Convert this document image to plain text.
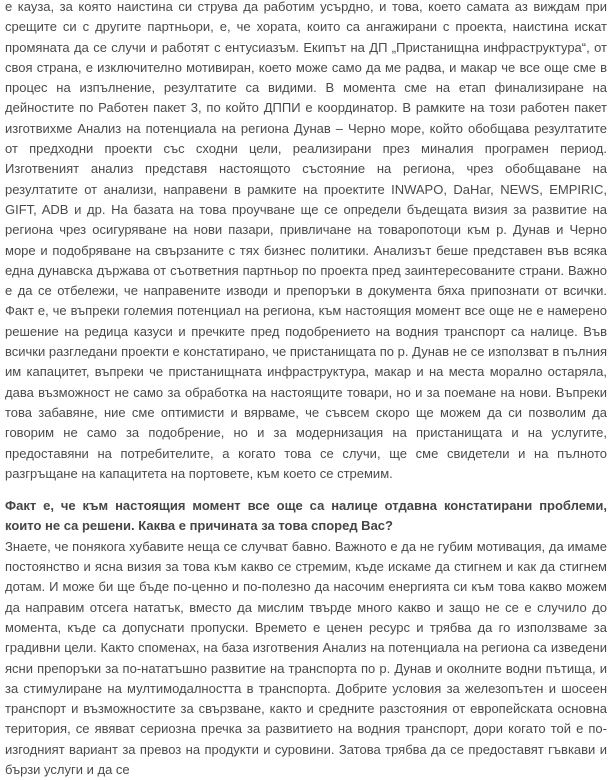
е кауза, за която наистина си струва да работим усърдно, и това, което самата аз виждам при срещите си с другите партньори, е, че хората, които са ангажирани с проекта, наистина искат промяната да се случи и работят с ентусиазъм. Екипът на ДП „Пристанищна инфраструктура“, от своя страна, е изключително мотивиран, което може само да ме радва, и макар че все още сме в процес на изпълнение, резултатите са видими. В момента сме на етап финализиране на дейностите по Работен пакет 3, по който ДППИ е координатор. В рамките на този работен пакет изготвихме Анализ на потенциала на региона Дунав – Черно море, който обобщава резултатите от предходни проекти със сходни цели, реализирани през миналия програмен период. Изготвеният анализ представя настоящото състояние на региона, чрез обобщаване на резултатите от анализи, направени в рамките на проектите INWAPO, DaHar, NEWS, EMPIRIC, GIFT, ADB и др. На базата на това проучване ще се определи бъдещата визия за развитие на региона чрез осигуряване на нови пазари, привличане на товаропотоци към р. Дунав и Черно море и подобряване на свързаните с тях бизнес политики. Анализът беше представен във всяка една дунавска държава от съответния партньор по проекта пред заинтересованите страни. Важно е да се отбележи, че направените изводи и препоръки в документа бяха припознати от всички. Факт е, че въпреки големия потенциал на региона, към настоящия момент все още не е намерено решение на редица казуси и пречките пред подобрението на водния транспорт са налице. Във всички разгледани проекти е констатирано, че пристанищата по р. Дунав не се използват в пълния им капацитет, въпреки че пристанищната инфраструктура, макар и на места морално остаряла, дава възможност не само за обработка на настоящите товари, но и за поемане на нови. Въпреки това забавяне, ние сме оптимисти и вярваме, че съвсем скоро ще можем да си позволим да говорим не само за подобрение, но и за модернизация на пристанищата и на услугите, предоставяни на потребителите, а когато това се случи, ще сме свидетели и на пълното разгръщане на капацитета на портовете, към което се стремим.

Факт е, че към настоящия момент все още са налице отдавна констатирани проблеми, които не са решени. Каква е причината за това според Вас?

Знаете, че понякога хубавите неща се случват бавно. Важното е да не губим мотивация, да имаме постоянство и ясна визия за това към какво се стремим, къде искаме да стигнем и как да стигнем дотам. И може би ще бъде по-ценно и по-полезно да насочим енергията си към това какво можем да направим отсега нататък, вместо да мислим твърде много какво и защо не се е случило до момента, къде са допуснати пропуски. Времето е ценен ресурс и трябва да го използваме за градивни цели. Както споменах, на база изготвения Анализ на потенциала на региона са изведени ясни препоръки за по-нататъшно развитие на транспорта по р. Дунав и околните водни пътища, и за стимулиране на мултимодалността в транспорта. Добрите условия за железопътен и шосеен транспорт и възможностите за свързване, както и средните разстояния от европейската основна територия, се явяват сериозна пречка за развитието на водния транспорт, дори когато той е по-изгодният вариант за превоз на продукти и суровини. Затова трябва да се предоставят гъвкави и бързи услуги и да се
